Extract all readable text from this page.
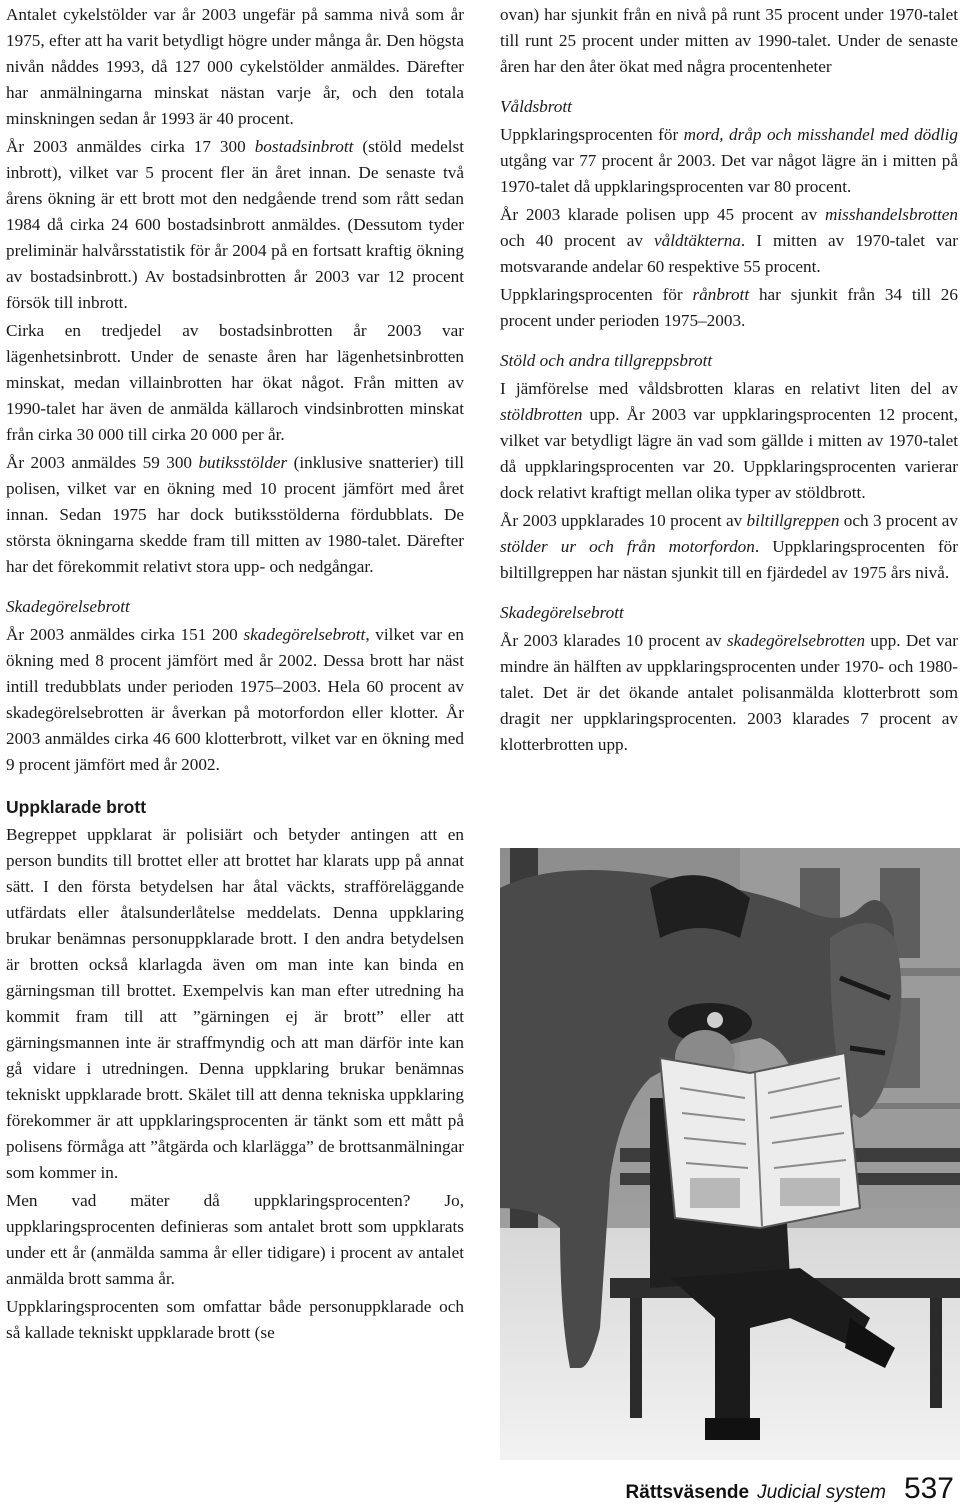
Antalet cykelstölder var år 2003 ungefär på samma nivå som år 1975, efter att ha varit betydligt högre under många år. Den högsta nivån nåddes 1993, då 127 000 cykelstölder anmäldes. Därefter har anmälningarna minskat nästan varje år, och den totala minskningen sedan år 1993 är 40 procent.

År 2003 anmäldes cirka 17 300 bostadsinbrott (stöld medelst inbrott), vilket var 5 procent fler än året innan. De senaste två årens ökning är ett brott mot den nedgående trend som rått sedan 1984 då cirka 24 600 bostadsinbrott anmäldes. (Dessutom tyder preliminär halvårsstatistik för år 2004 på en fortsatt kraftig ökning av bostadsinbrott.) Av bostadsinbrotten år 2003 var 12 procent försök till inbrott.

Cirka en tredjedel av bostadsinbrotten år 2003 var lägenhetsinbrott. Under de senaste åren har lägenhetsinbrotten minskat, medan villainbrotten har ökat något. Från mitten av 1990-talet har även de anmälda källaroch vindsinbrotten minskat från cirka 30 000 till cirka 20 000 per år.

År 2003 anmäldes 59 300 butiksstölder (inklusive snatterier) till polisen, vilket var en ökning med 10 procent jämfört med året innan. Sedan 1975 har dock butiksstölderna fördubblats. De största ökningarna skedde fram till mitten av 1980-talet. Därefter har det förekommit relativt stora upp- och nedgångar.

Skadegörelsebrott

År 2003 anmäldes cirka 151 200 skadegörelsebrott, vilket var en ökning med 8 procent jämfört med år 2002. Dessa brott har näst intill tredubblats under perioden 1975–2003. Hela 60 procent av skadegörelsebrotten är åverkan på motorfordon eller klotter. År 2003 anmäldes cirka 46 600 klotterbrott, vilket var en ökning med 9 procent jämfört med år 2002.

Uppklarade brott

Begreppet uppklarat är polisiärt och betyder antingen att en person bundits till brottet eller att brottet har klarats upp på annat sätt. I den första betydelsen har åtal väckts, strafföreläggande utfärdats eller åtalsunderlåtelse meddelats. Denna uppklaring brukar benämnas personuppklarade brott. I den andra betydelsen är brotten också klarlagda även om man inte kan binda en gärningsman till brottet. Exempelvis kan man efter utredning ha kommit fram till att ”gärningen ej är brott” eller att gärningsmannen inte är straffmyndig och att man därför inte kan gå vidare i utredningen. Denna uppklaring brukar benämnas tekniskt uppklarade brott. Skälet till att denna tekniska uppklaring förekommer är att uppklaringsprocenten är tänkt som ett mått på polisens förmåga att ”åtgärda och klarlägga” de brottsanmälningar som kommer in.

Men vad mäter då uppklaringsprocenten? Jo, uppklaringsprocenten definieras som antalet brott som uppklarats under ett år (anmälda samma år eller tidigare) i procent av antalet anmälda brott samma år.

Uppklaringsprocenten som omfattar både personuppklarade och så kallade tekniskt uppklarade brott (se

ovan) har sjunkit från en nivå på runt 35 procent under 1970-talet till runt 25 procent under mitten av 1990-talet. Under de senaste åren har den åter ökat med några procentenheter

Våldsbrott

Uppklaringsprocenten för mord, dråp och misshandel med dödlig utgång var 77 procent år 2003. Det var något lägre än i mitten på 1970-talet då uppklaringsprocenten var 80 procent.

År 2003 klarade polisen upp 45 procent av misshandelsbrotten och 40 procent av våldtäkterna. I mitten av 1970-talet var motsvarande andelar 60 respektive 55 procent.

Uppklaringsprocenten för rånbrott har sjunkit från 34 till 26 procent under perioden 1975–2003.

Stöld och andra tillgreppsbrott

I jämförelse med våldsbrotten klaras en relativt liten del av stöldbrotten upp. År 2003 var uppklaringsprocenten 12 procent, vilket var betydligt lägre än vad som gällde i mitten av 1970-talet då uppklaringsprocenten var 20. Uppklaringsprocenten varierar dock relativt kraftigt mellan olika typer av stöldbrott.

År 2003 uppklarades 10 procent av biltillgreppen och 3 procent av stölder ur och från motorfordon. Uppklaringsprocenten för biltillgreppen har nästan sjunkit till en fjärdedel av 1975 års nivå.

Skadegörelsebrott

År 2003 klarades 10 procent av skadegörelsebrotten upp. Det var mindre än hälften av uppklaringsprocenten under 1970- och 1980-talet. Det är det ökande antalet polisanmälda klotterbrott som dragit ner uppklaringsprocenten. 2003 klarades 7 procent av klotterbrotten upp.

Rättsväsende Judicial system 537
